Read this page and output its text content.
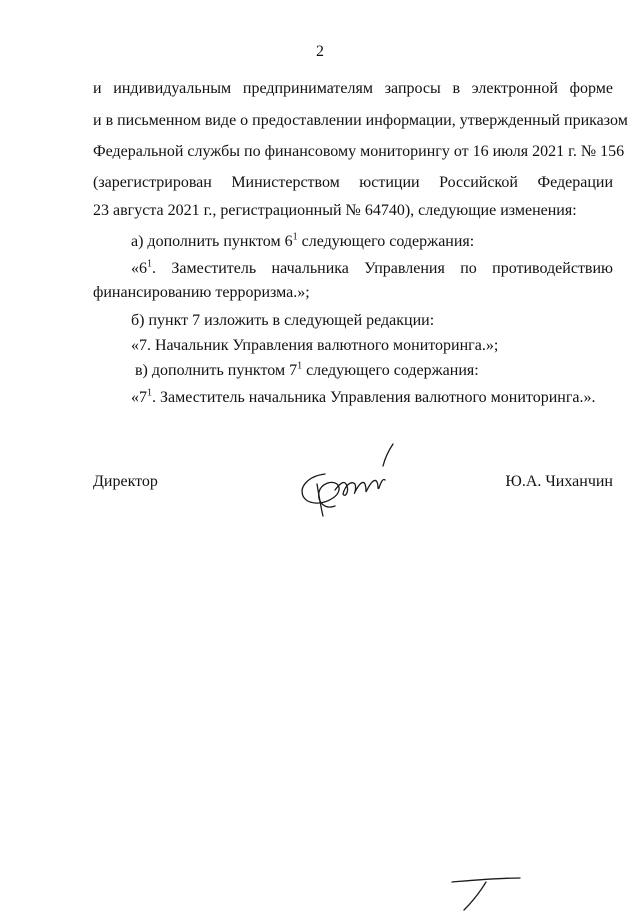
2
и индивидуальным предпринимателям запросы в электронной форме
и в письменном виде о предоставлении информации, утвержденный приказом
Федеральной службы по финансовому мониторингу от 16 июля 2021 г. № 156
(зарегистрирован Министерством юстиции Российской Федерации
23 августа 2021 г., регистрационный № 64740), следующие изменения:
а) дополнить пунктом $6^1$ следующего содержания:
«$6^1$. Заместитель начальника Управления по противодействию
финансированию терроризма.»;
б) пункт 7 изложить в следующей редакции:
«7. Начальник Управления валютного мониторинга.»;
в) дополнить пунктом $7^1$ следующего содержания:
«$7^1$. Заместитель начальника Управления валютного мониторинга.».
Директор	Ю.А. Чиханчин
